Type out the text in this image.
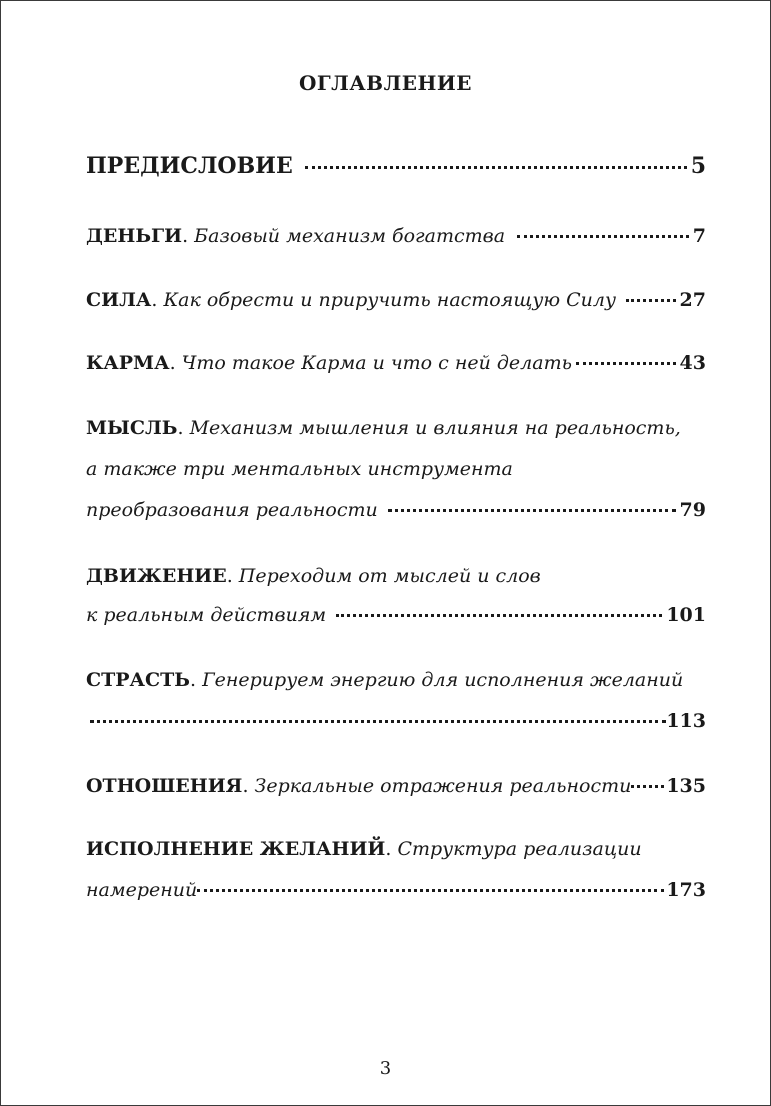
ОГЛАВЛЕНИЕ
ПРЕДИСЛОВИЕ	5
ДЕНЬГИ .
Базовый механизм богатства	7
СИЛА .
Как обрести и приручить настоящую Силу	27
КАРМА .
Что такое Карма и что с ней делать	43
МЫСЛЬ .
Механизм мышления и влияния на реальность,
а также три ментальных инструмента
преобразования реальности	79
ДВИЖЕНИЕ .
Переходим от мыслей и слов
к реальным действиям	101
СТРАСТЬ .
Генерируем энергию для исполнения желаний
113
ОТНОШЕНИЯ .
Зеркальные отражения реальности 135
ИСПОЛНЕНИЕ ЖЕЛАНИЙ .
Структура реализации
намерений	173
3
